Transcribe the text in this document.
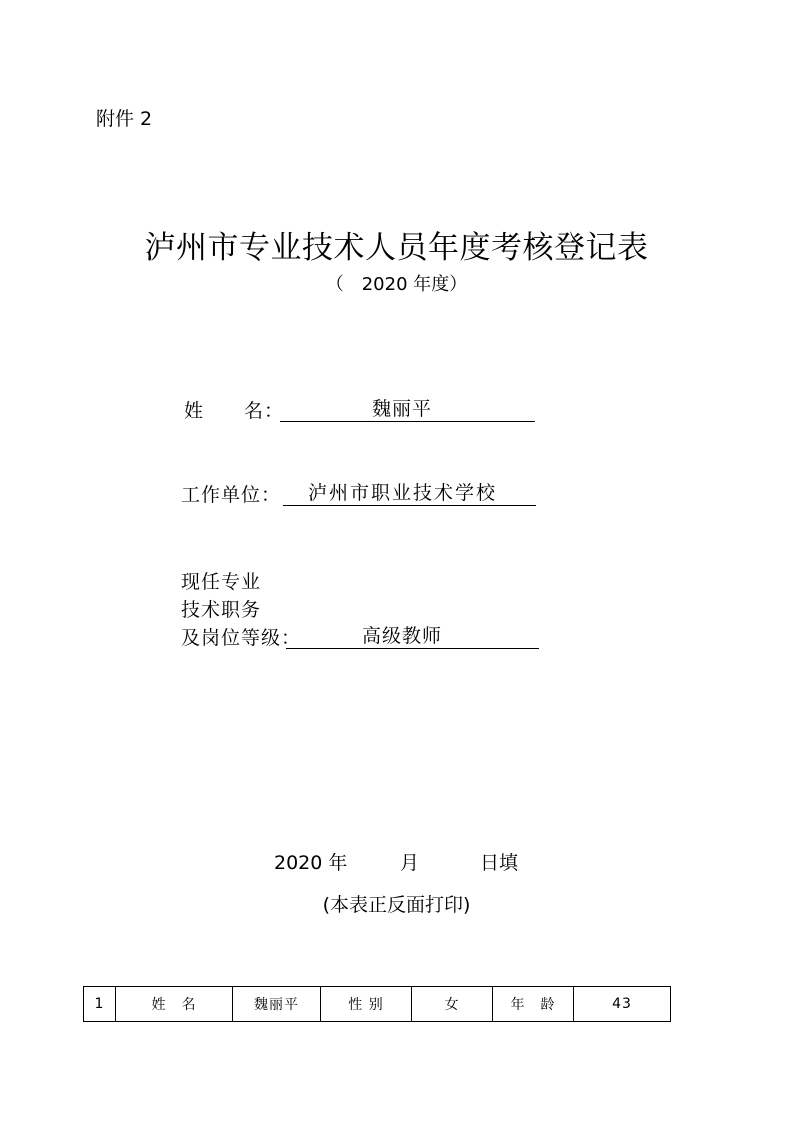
附件 2
泸州市专业技术人员年度考核登记表
（　2020 年度）
姓 名：	魏丽平
工作单位：	泸州市职业技术学校
现任专业
技术职务
及岗位等级：	高级教师
2020 年	月	日填
(本表正反面打印)
1	姓　名	魏丽平	性 别	女	年　龄	43
